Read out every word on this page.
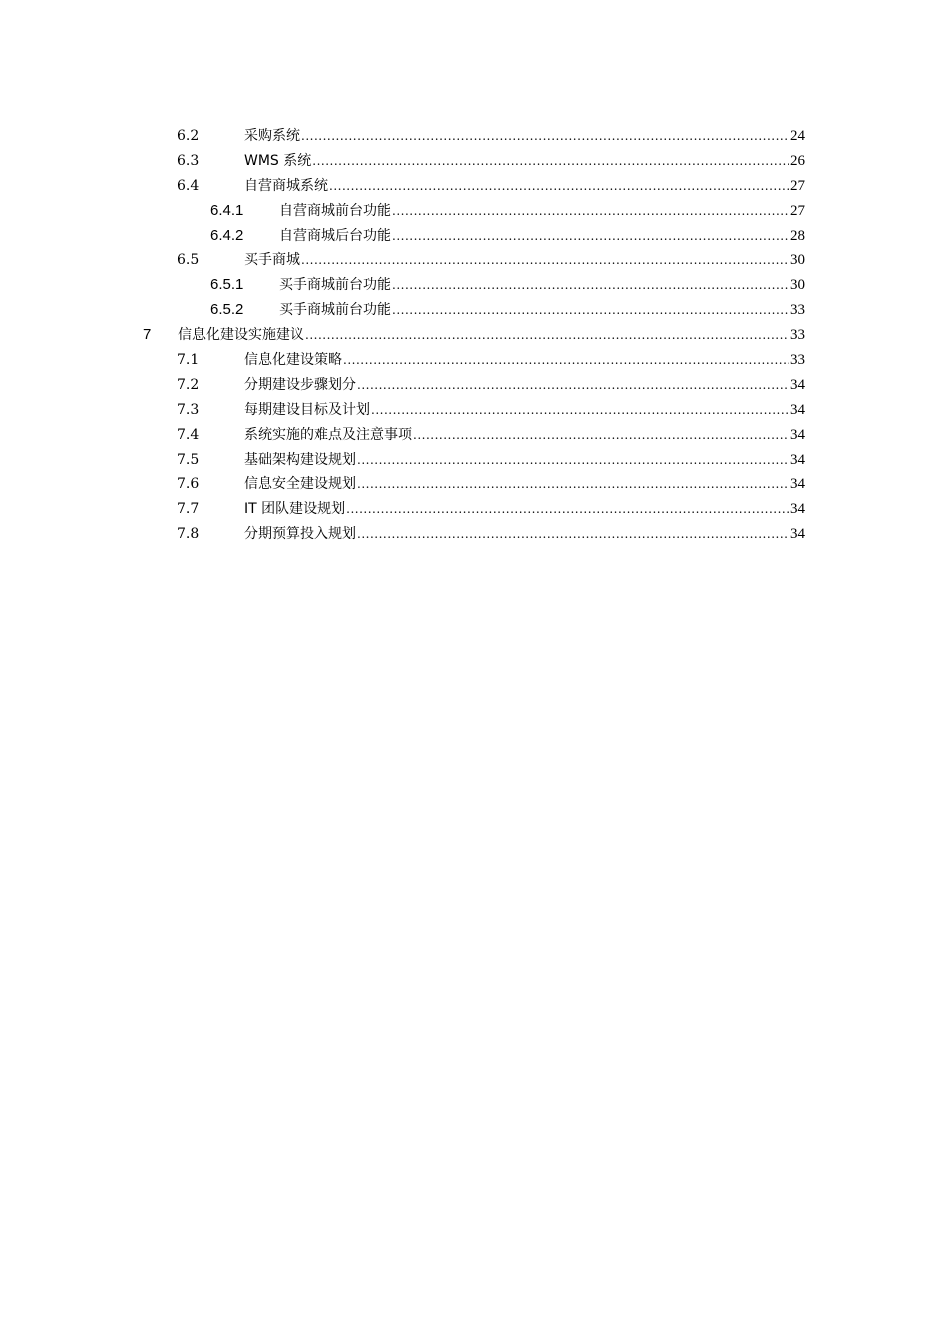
6.2	采购系统 .....	24
6.3	WMS 系统 .....	26
6.4	自营商城系统 .....	27
6.4.1	自营商城前台功能 .....	27
6.4.2	自营商城后台功能 .....	28
6.5	买手商城 .....	30
6.5.1	买手商城前台功能 .....	30
6.5.2	买手商城前台功能 .....	33
7 信息化建设实施建议 .....	33
7.1	信息化建设策略 .....	33
7.2	分期建设步骤划分 .....	34
7.3	每期建设目标及计划 .....	34
7.4	系统实施的难点及注意事项 .....	34
7.5	基础架构建设规划 .....	34
7.6	信息安全建设规划 .....	34
7.7	IT 团队建设规划 .....	34
7.8	分期预算投入规划 .....	34
